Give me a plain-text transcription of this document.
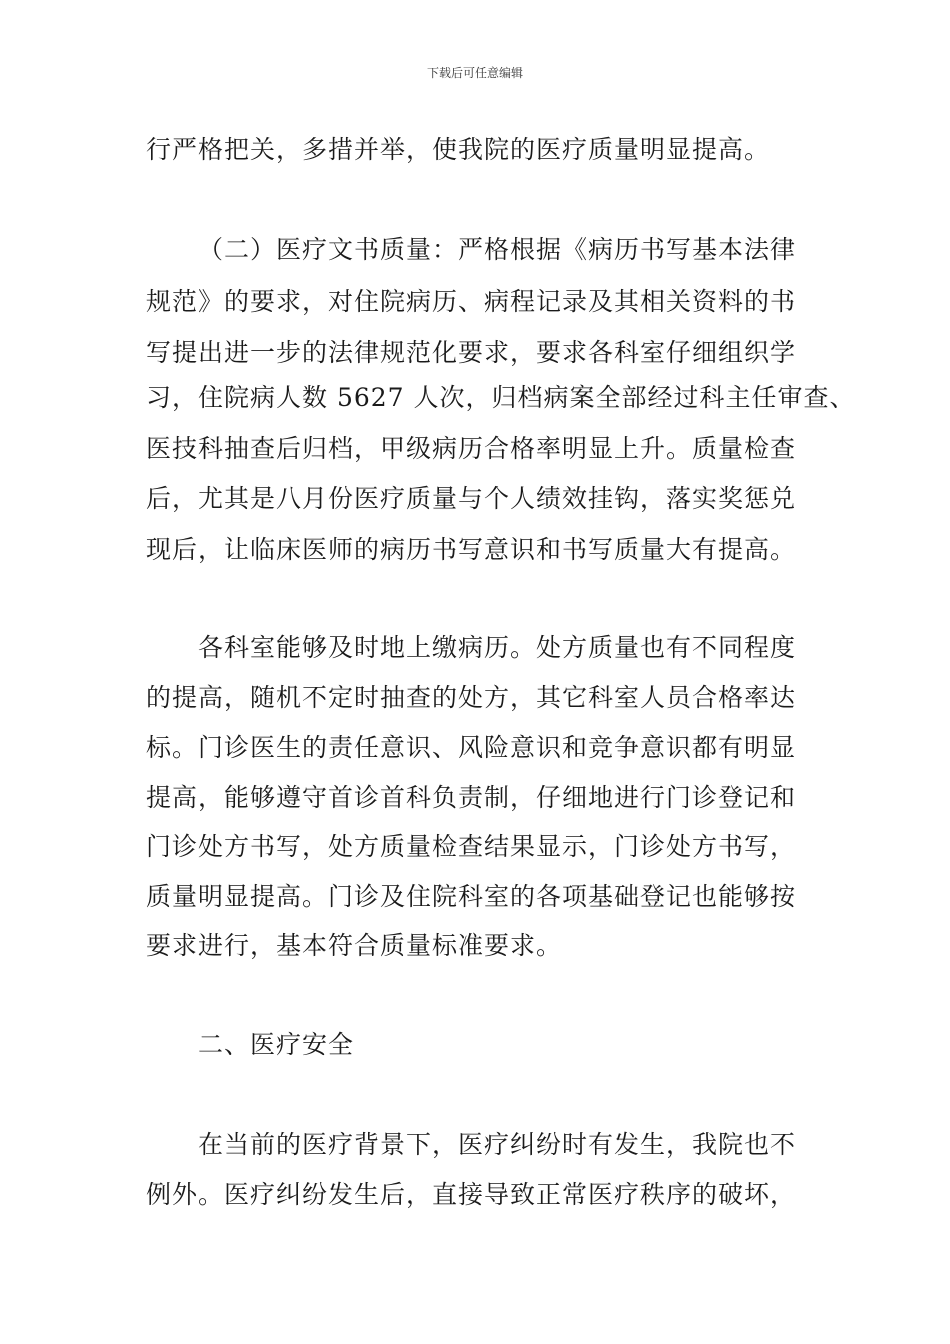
下载后可任意编辑
行严格把关，多措并举，使我院的医疗质量明显提高。
（二）医疗文书质量：严格根据《病历书写基本法律
规范》的要求，对住院病历、病程记录及其相关资料的书
写提出进一步的法律规范化要求，要求各科室仔细组织学
习，住院病人数 5627 人次，归档病案全部经过科主任审查、
医技科抽查后归档，甲级病历合格率明显上升。质量检查
后，尤其是八月份医疗质量与个人绩效挂钩，落实奖惩兑
现后，让临床医师的病历书写意识和书写质量大有提高。
各科室能够及时地上缴病历。处方质量也有不同程度
的提高，随机不定时抽查的处方，其它科室人员合格率达
标。门诊医生的责任意识、风险意识和竞争意识都有明显
提高，能够遵守首诊首科负责制，仔细地进行门诊登记和
门诊处方书写，处方质量检查结果显示，门诊处方书写，
质量明显提高。门诊及住院科室的各项基础登记也能够按
要求进行，基本符合质量标准要求。
二、医疗安全
在当前的医疗背景下，医疗纠纷时有发生，我院也不
例外。医疗纠纷发生后，直接导致正常医疗秩序的破坏，
